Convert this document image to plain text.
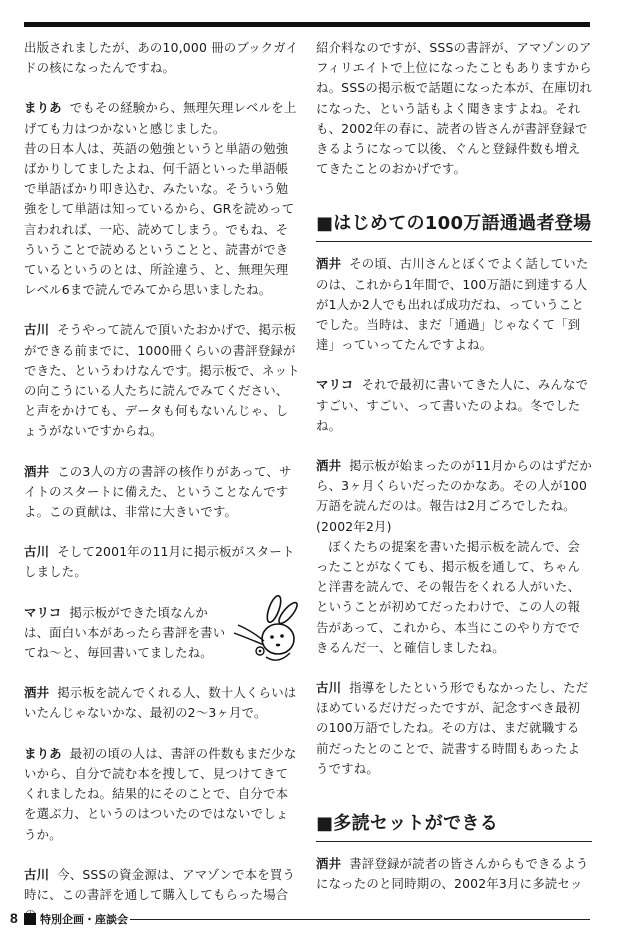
出版されましたが、あの10,000 冊のブックガイドの核になったんですね。

まりあ でもその経験から、無理矢理レベルを上げても力はつかないと感じました。

昔の日本人は、英語の勉強というと単語の勉強ばかりしてましたよね、何千語といった単語帳で単語ばかり叩き込む、みたいな。そういう勉強をして単語は知っているから、GRを読めって言われれば、一応、読めてしまう。でもね、そういうことで読めるということと、読書ができているというのとは、所詮違う、と、無理矢理レベル6まで読んでみてから思いましたね。

古川 そうやって読んで頂いたおかげで、掲示板ができる前までに、1000冊くらいの書評登録ができた、というわけなんです。掲示板で、ネットの向こうにいる人たちに読んでみてください、と声をかけても、データも何もないんじゃ、しょうがないですからね。

酒井 この3人の方の書評の核作りがあって、サイトのスタートに備えた、ということなんですよ。この貢献は、非常に大きいです。

古川 そして2001年の11月に掲示板がスタートしました。

マリコ 掲示板ができた頃なんかは、面白い本があったら書評を書いてね～と、毎回書いてましたね。

酒井 掲示板を読んでくれる人、数十人くらいはいたんじゃないかな、最初の2～3ヶ月で。

まりあ 最初の頃の人は、書評の件数もまだ少ないから、自分で読む本を捜して、見つけてきてくれましたね。結果的にそのことで、自分で本を選ぶ力、というのはついたのではないでしょうか。

古川 今、SSSの資金源は、アマゾンで本を買う時に、この書評を通して購入してもらった場合

紹介料なのですが、SSSの書評が、アマゾンのアフィリエイトで上位になったこともありますからね。SSSの掲示板で話題になった本が、在庫切れになった、という話もよく聞きますよね。それも、2002年の春に、読者の皆さんが書評登録できるようになって以後、ぐんと登録件数も増えてきたことのおかげです。

■はじめての100万語通過者登場

酒井 その頃、古川さんとぼくでよく話していたのは、これから1年間で、100万語に到達する人が1人か2人でも出れば成功だね、っていうことでした。当時は、まだ「通過」じゃなくて「到達」っていってたんですよね。

マリコ それで最初に書いてきた人に、みんなですごい、すごい、って書いたのよね。冬でしたね。

酒井 掲示板が始まったのが11月からのはずだから、3ヶ月くらいだったのかなあ。その人が100万語を読んだのは。報告は2月ごろでしたね。(2002年2月)

ぼくたちの提案を書いた掲示板を読んで、会ったことがなくても、掲示板を通して、ちゃんと洋書を読んで、その報告をくれる人がいた、ということが初めてだったわけで、この人の報告があって、これから、本当にこのやり方でできるんだ一、と確信しましたね。

古川 指導をしたという形でもなかったし、ただほめているだけだったですが、記念すべき最初の100万語でしたね。その方は、まだ就職する前だったとのことで、読書する時間もあったようですね。

■多読セットができる

酒井 書評登録が読者の皆さんからもできるようになったのと同時期の、2002年3月に多読セッ

8 特別企画・座談会
